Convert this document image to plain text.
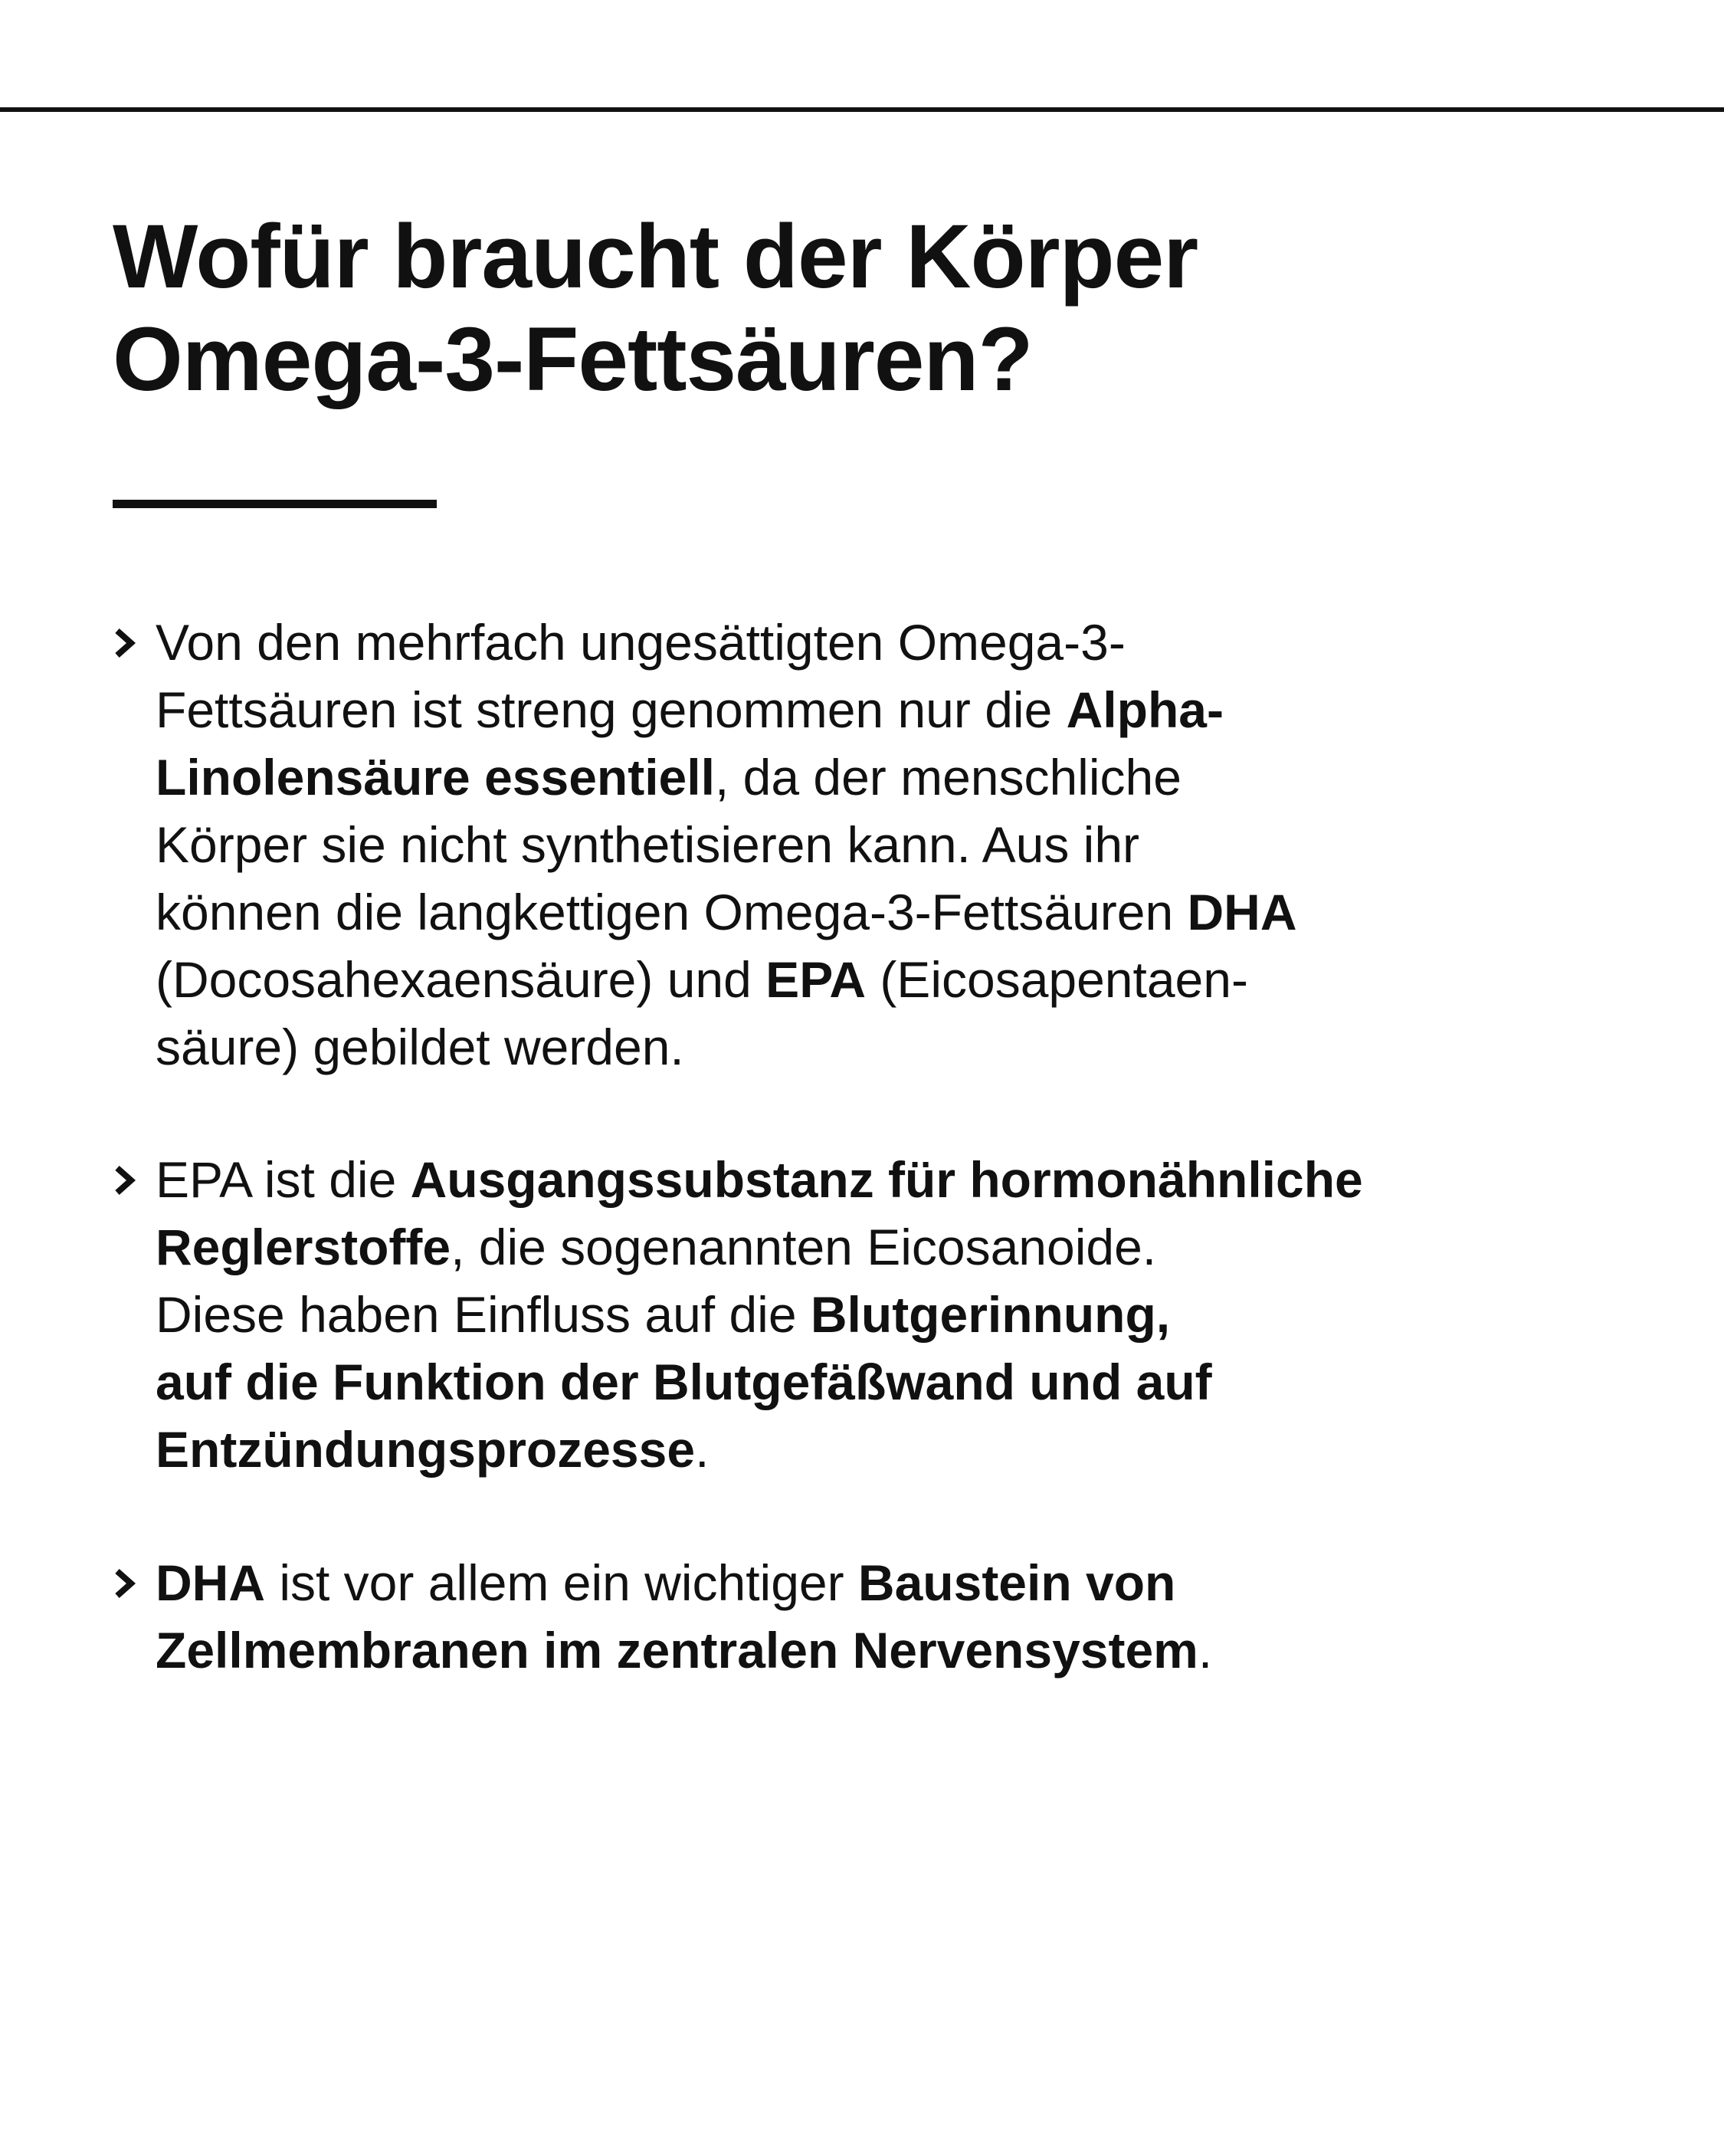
Wofür braucht der Körper
Omega-3-Fettsäuren?
Von den mehrfach ungesättigten Omega-3-
Fettsäuren ist streng genommen nur die Alpha-
Linolensäure essentiell, da der menschliche
Körper sie nicht synthetisieren kann. Aus ihr
können die langkettigen Omega-3-Fettsäuren DHA
(Docosahexaensäure) und EPA (Eicosapentaen-
säure) gebildet werden.
EPA ist die Ausgangssubstanz für hormonähnliche
Reglerstoffe, die sogenannten Eicosanoide.
Diese haben Einfluss auf die Blutgerinnung,
auf die Funktion der Blutgefäßwand und auf
Entzündungsprozesse.
DHA ist vor allem ein wichtiger Baustein von
Zellmembranen im zentralen Nervensystem.
